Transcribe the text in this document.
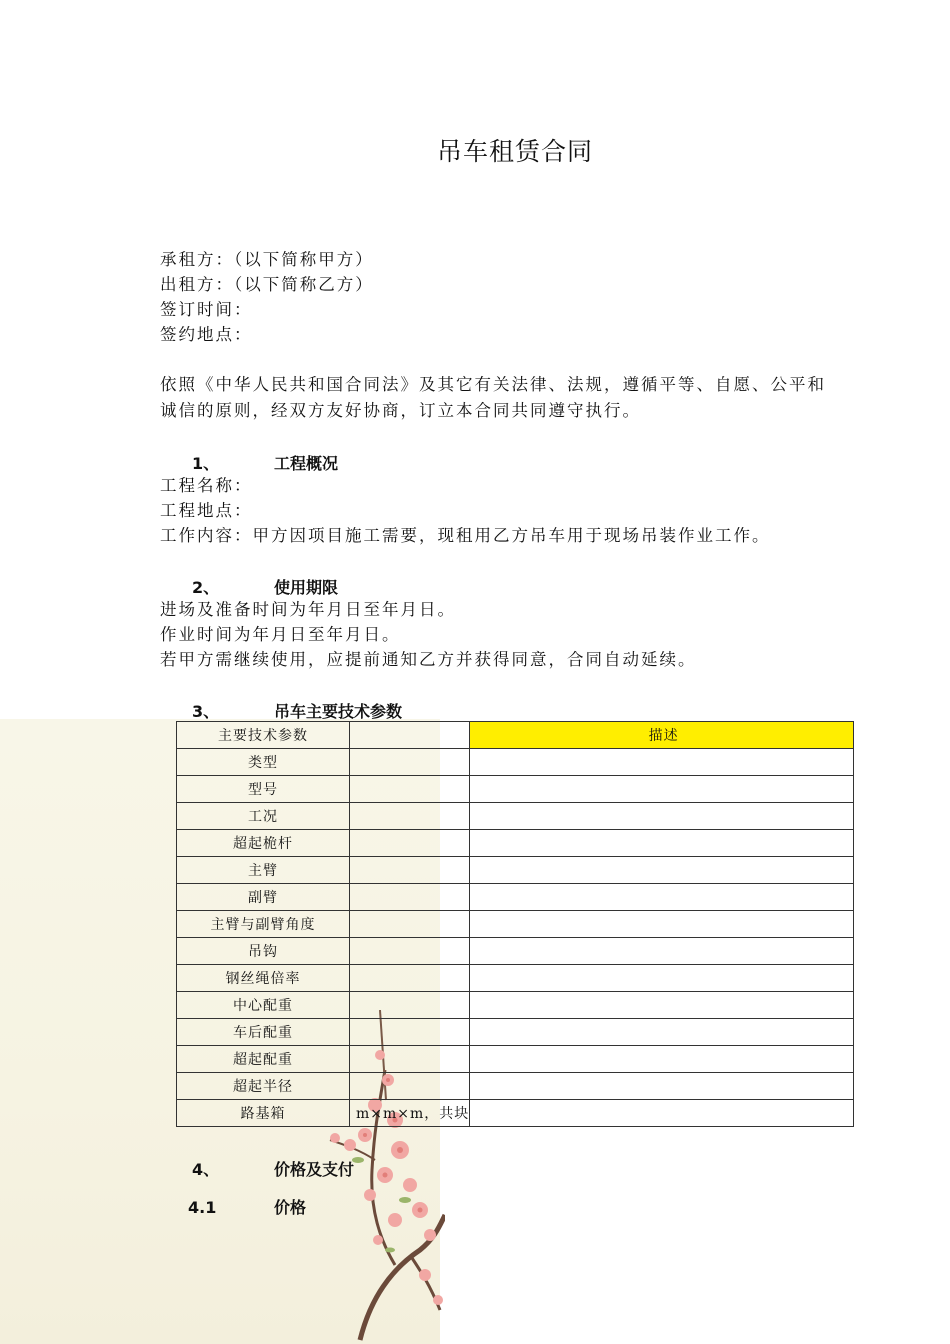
吊车租赁合同
承租方：（以下简称甲方）
出租方：（以下简称乙方）
签订时间：
签约地点：
依照《中华人民共和国合同法》及其它有关法律、法规，遵循平等、自愿、公平和
诚信的原则，经双方友好协商，订立本合同共同遵守执行。
1、	工程概况
工程名称：
工程地点：
工作内容：甲方因项目施工需要，现租用乙方吊车用于现场吊装作业工作。
2、	使用期限
进场及准备时间为年月日至年月日。
作业时间为年月日至年月日。
若甲方需继续使用，应提前通知乙方并获得同意，合同自动延续。
3、	吊车主要技术参数
主要技术参数		描述
类型		
型号		
工况		
超起桅杆		
主臂		
副臂		
主臂与副臂角度		
吊钩		
钢丝绳倍率		
中心配重		
车后配重		
超起配重		
超起半径		
路基箱	m×m×m，共块	
4、	价格及支付
4.1	价格
